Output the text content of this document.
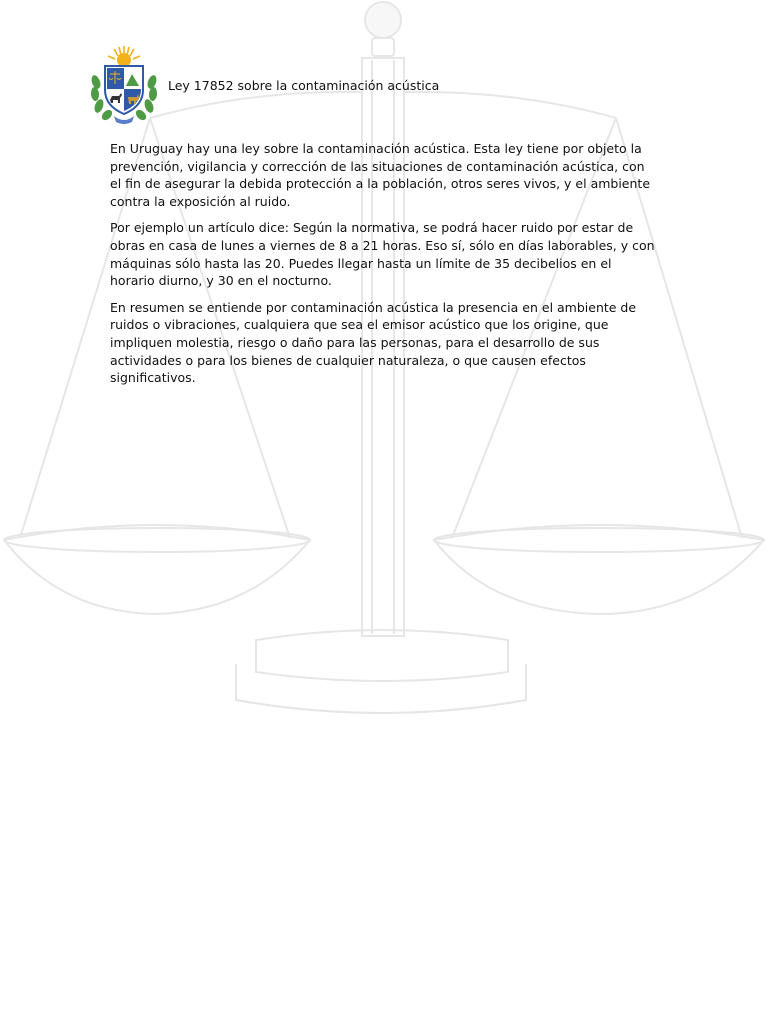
Ley 17852 sobre la contaminación acústica

En Uruguay hay una ley sobre la contaminación acústica. Esta ley tiene por objeto la prevención, vigilancia y corrección de las situaciones de contaminación acústica, con el fin de asegurar la debida protección a la población, otros seres vivos, y el ambiente contra la exposición al ruido.

Por ejemplo un artículo dice: Según la normativa, se podrá hacer ruido por estar de obras en casa de lunes a viernes de 8 a 21 horas. Eso sí, sólo en días laborables, y con máquinas sólo hasta las 20. Puedes llegar hasta un límite de 35 decibelios en el horario diurno, y 30 en el nocturno.

En resumen se entiende por contaminación acústica la presencia en el ambiente de ruidos o vibraciones, cualquiera que sea el emisor acústico que los origine, que impliquen molestia, riesgo o daño para las personas, para el desarrollo de sus actividades o para los bienes de cualquier naturaleza, o que causen efectos significativos.
